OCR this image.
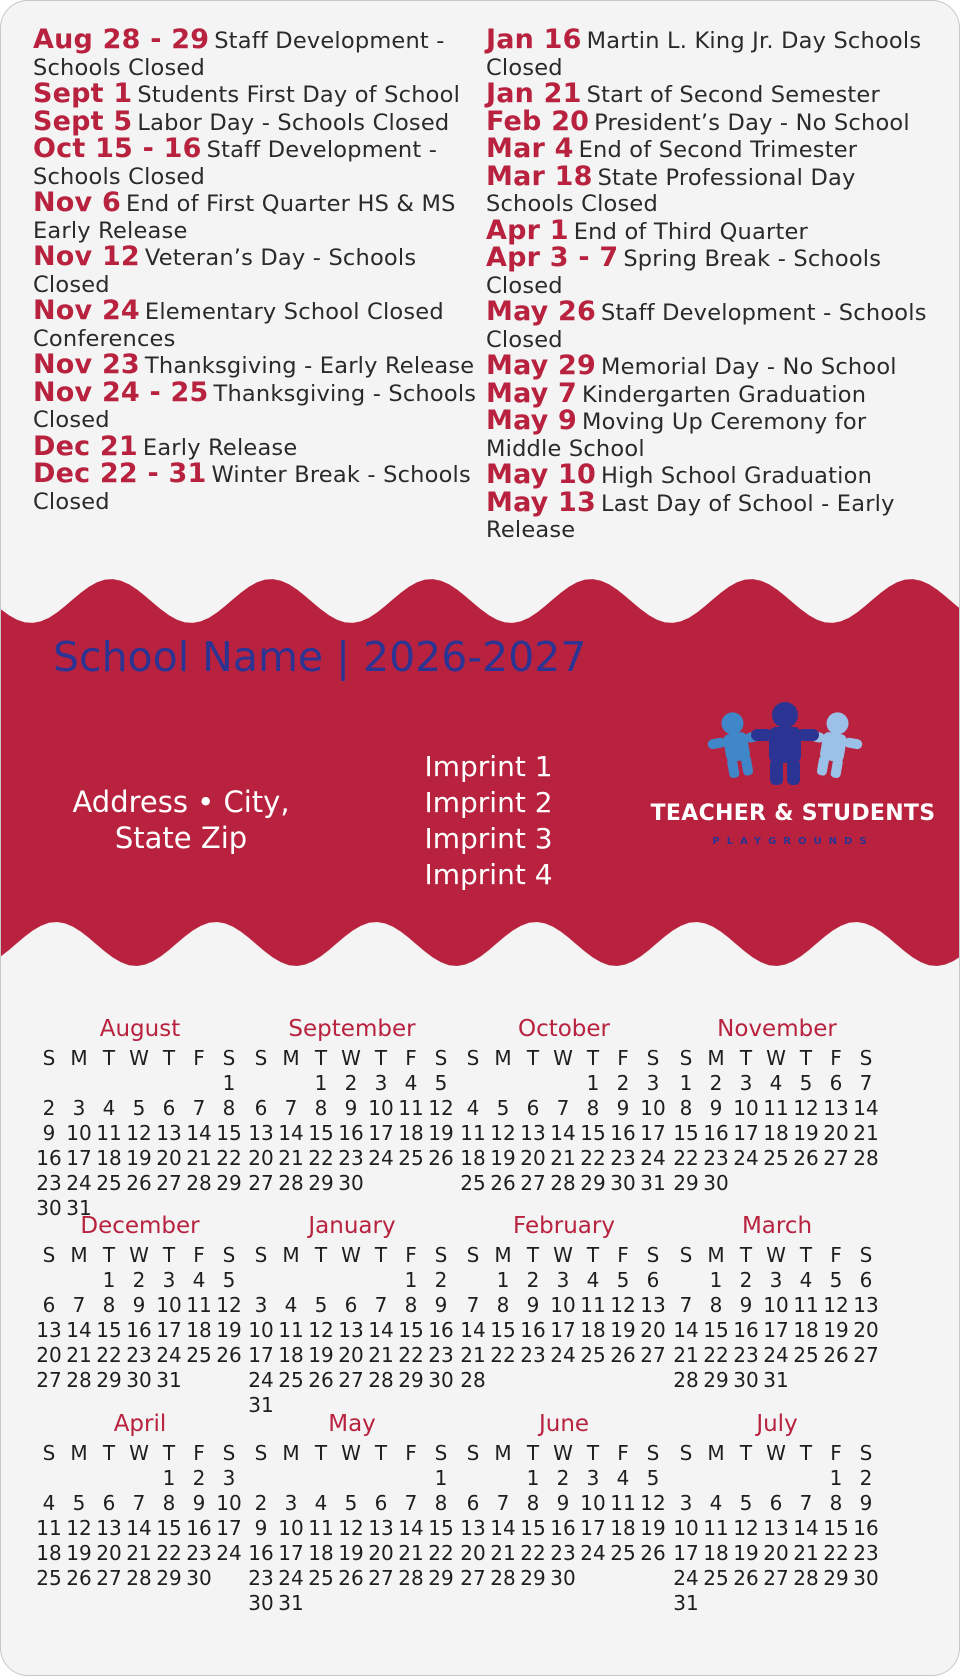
Aug 28 - 29 Staff Development - Schools Closed

Sept 1 Students First Day of School

Sept 5 Labor Day - Schools Closed

Oct 15 - 16 Staff Development - Schools Closed

Nov 6 End of First Quarter HS & MS Early Release

Nov 12 Veteran’s Day - Schools Closed

Nov 24 Elementary School Closed Conferences

Nov 23 Thanksgiving - Early Release

Nov 24 - 25 Thanksgiving - Schools Closed

Dec 21 Early Release

Dec 22 - 31 Winter Break - Schools Closed

Jan 16 Martin L. King Jr. Day Schools Closed

Jan 21 Start of Second Semester

Feb 20 President’s Day - No School

Mar 4 End of Second Trimester

Mar 18 State Professional Day Schools Closed

Apr 1 End of Third Quarter

Apr 3 - 7 Spring Break - Schools Closed

May 26 Staff Development - Schools Closed

May 29 Memorial Day - No School

May 7 Kindergarten Graduation

May 9 Moving Up Ceremony for Middle School

May 10 High School Graduation

May 13 Last Day of School - Early Release

School Name | 2026-2027
Address • City,
State Zip
Imprint 1
Imprint 2
Imprint 3
Imprint 4
TEACHER & STUDENTS
PLAYGROUNDS
August
S M T W T F S
1
2 3 4 5 6 7 8
9 10 11 12 13 14 15
16 17 18 19 20 21 22
23 24 25 26 27 28 29
30 31
September
S M T W T F S
1 2 3 4 5
6 7 8 9 10 11 12
13 14 15 16 17 18 19
20 21 22 23 24 25 26
27 28 29 30
October
S M T W T F S
1 2 3
4 5 6 7 8 9 10
11 12 13 14 15 16 17
18 19 20 21 22 23 24
25 26 27 28 29 30 31
November
S M T W T F S
1 2 3 4 5 6 7
8 9 10 11 12 13 14
15 16 17 18 19 20 21
22 23 24 25 26 27 28
29 30
December
S M T W T F S
1 2 3 4 5
6 7 8 9 10 11 12
13 14 15 16 17 18 19
20 21 22 23 24 25 26
27 28 29 30 31
January
S M T W T F S
1 2
3 4 5 6 7 8 9
10 11 12 13 14 15 16
17 18 19 20 21 22 23
24 25 26 27 28 29 30
31
February
S M T W T F S
1 2 3 4 5 6
7 8 9 10 11 12 13
14 15 16 17 18 19 20
21 22 23 24 25 26 27
28
March
S M T W T F S
1 2 3 4 5 6
7 8 9 10 11 12 13
14 15 16 17 18 19 20
21 22 23 24 25 26 27
28 29 30 31
April
S M T W T F S
1 2 3
4 5 6 7 8 9 10
11 12 13 14 15 16 17
18 19 20 21 22 23 24
25 26 27 28 29 30
May
S M T W T F S
1
2 3 4 5 6 7 8
9 10 11 12 13 14 15
16 17 18 19 20 21 22
23 24 25 26 27 28 29
30 31
June
S M T W T F S
1 2 3 4 5
6 7 8 9 10 11 12
13 14 15 16 17 18 19
20 21 22 23 24 25 26
27 28 29 30
July
S M T W T F S
1 2
3 4 5 6 7 8 9
10 11 12 13 14 15 16
17 18 19 20 21 22 23
24 25 26 27 28 29 30
31
